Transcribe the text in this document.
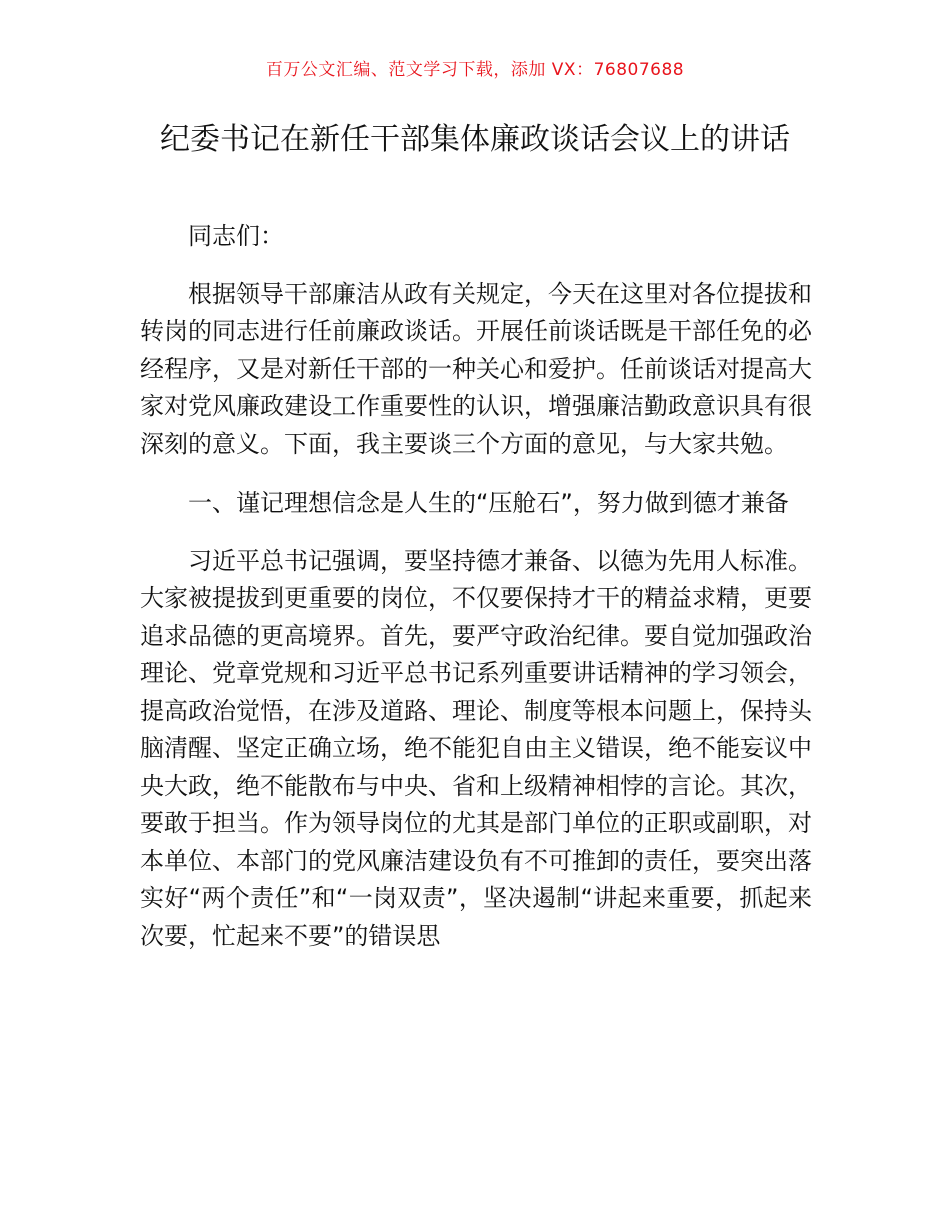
百万公文汇编、范文学习下载，添加 VX：76807688
纪委书记在新任干部集体廉政谈话会议上的讲话

同志们：

根据领导干部廉洁从政有关规定，今天在这里对各位提拔和转岗的同志进行任前廉政谈话。开展任前谈话既是干部任免的必经程序，又是对新任干部的一种关心和爱护。任前谈话对提高大家对党风廉政建设工作重要性的认识，增强廉洁勤政意识具有很深刻的意义。下面，我主要谈三个方面的意见，与大家共勉。

一、谨记理想信念是人生的“压舱石”，努力做到德才兼备

习近平总书记强调，要坚持德才兼备、以德为先用人标准。大家被提拔到更重要的岗位，不仅要保持才干的精益求精，更要追求品德的更高境界。首先，要严守政治纪律。要自觉加强政治理论、党章党规和习近平总书记系列重要讲话精神的学习领会，提高政治觉悟，在涉及道路、理论、制度等根本问题上，保持头脑清醒、坚定正确立场，绝不能犯自由主义错误，绝不能妄议中央大政，绝不能散布与中央、省和上级精神相悖的言论。其次，要敢于担当。作为领导岗位的尤其是部门单位的正职或副职，对本单位、本部门的党风廉洁建设负有不可推卸的责任，要突出落实好“两个责任”和“一岗双责”，坚决遏制“讲起来重要，抓起来次要，忙起来不要”的错误思
